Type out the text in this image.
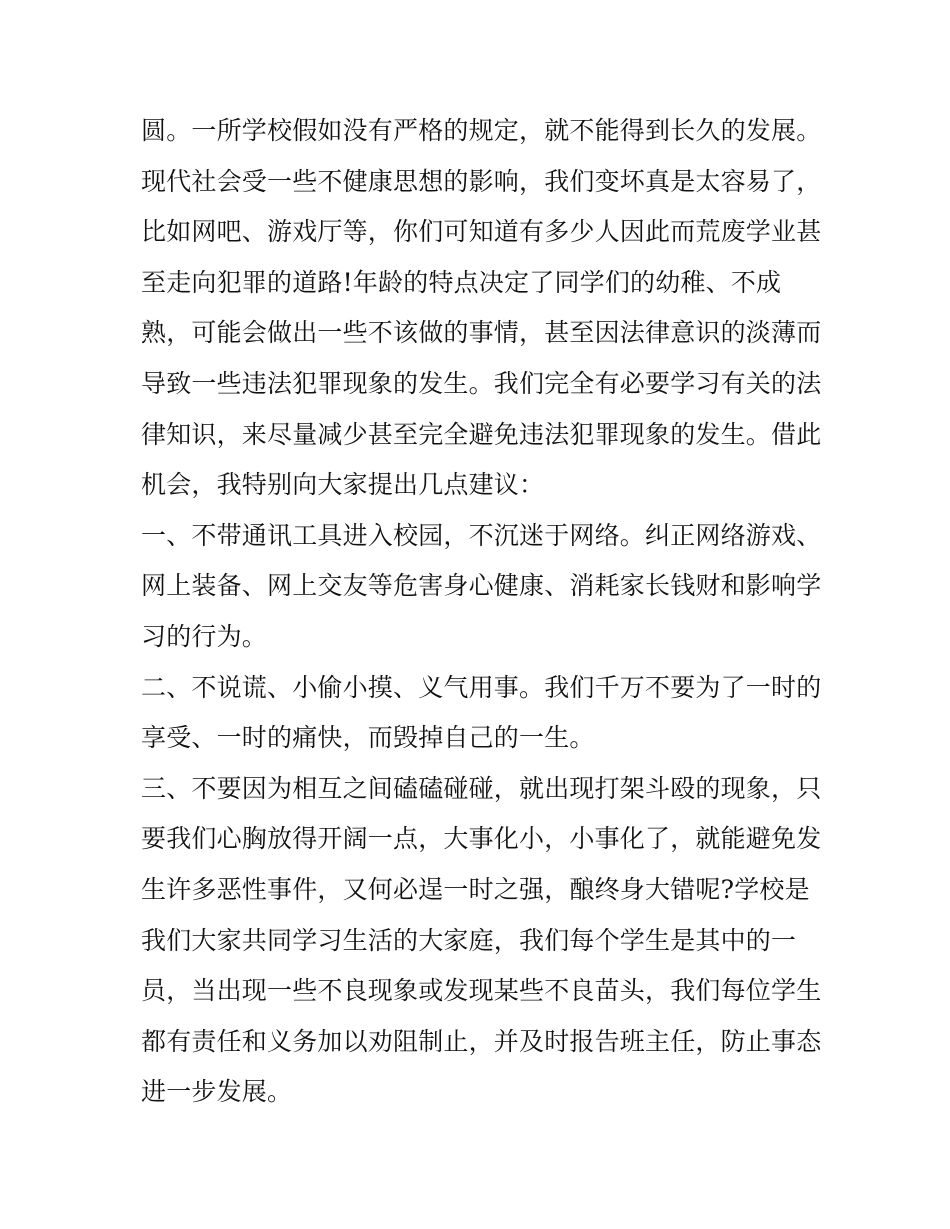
圆。一所学校假如没有严格的规定，就不能得到长久的发展。
现代社会受一些不健康思想的影响，我们变坏真是太容易了，
比如网吧、游戏厅等，你们可知道有多少人因此而荒废学业甚
至走向犯罪的道路!年龄的特点决定了同学们的幼稚、不成
熟，可能会做出一些不该做的事情，甚至因法律意识的淡薄而
导致一些违法犯罪现象的发生。我们完全有必要学习有关的法
律知识，来尽量减少甚至完全避免违法犯罪现象的发生。借此
机会，我特别向大家提出几点建议：
一、不带通讯工具进入校园，不沉迷于网络。纠正网络游戏、
网上装备、网上交友等危害身心健康、消耗家长钱财和影响学
习的行为。
二、不说谎、小偷小摸、义气用事。我们千万不要为了一时的
享受、一时的痛快，而毁掉自己的一生。
三、不要因为相互之间磕磕碰碰，就出现打架斗殴的现象，只
要我们心胸放得开阔一点，大事化小，小事化了，就能避免发
生许多恶性事件，又何必逞一时之强，酿终身大错呢?学校是
我们大家共同学习生活的大家庭，我们每个学生是其中的一
员，当出现一些不良现象或发现某些不良苗头，我们每位学生
都有责任和义务加以劝阻制止，并及时报告班主任，防止事态
进一步发展。
